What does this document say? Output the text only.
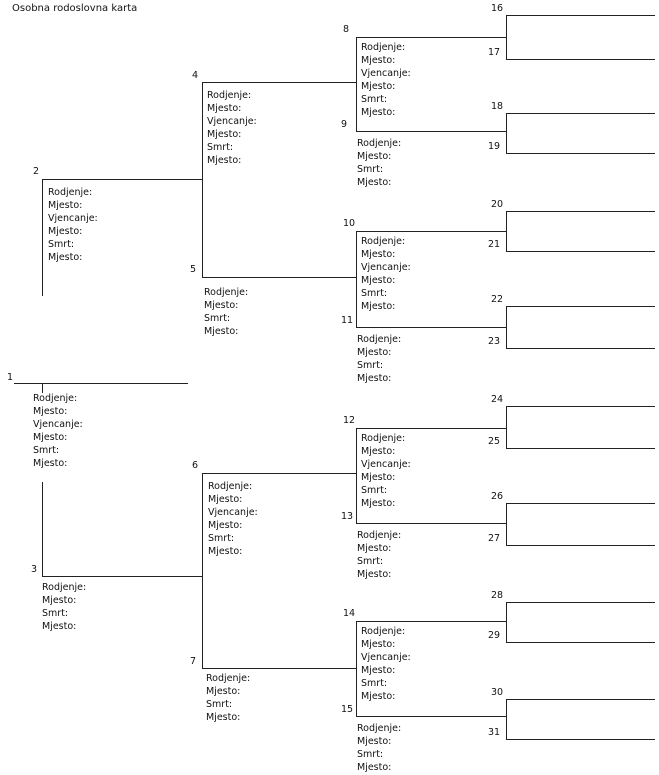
Osobna rodoslovna karta
1
Rodjenje:
Mjesto:
Vjencanje:
Mjesto:
Smrt:
Mjesto:
2
Rodjenje:
Mjesto:
Vjencanje:
Mjesto:
Smrt:
Mjesto:
3
Rodjenje:
Mjesto:
Smrt:
Mjesto:
4
Rodjenje:
Mjesto:
Vjencanje:
Mjesto:
Smrt:
Mjesto:
5
Rodjenje:
Mjesto:
Smrt:
Mjesto:
6
Rodjenje:
Mjesto:
Vjencanje:
Mjesto:
Smrt:
Mjesto:
7
Rodjenje:
Mjesto:
Smrt:
Mjesto:
8
Rodjenje:
Mjesto:
Vjencanje:
Mjesto:
Smrt:
Mjesto:
9
Rodjenje:
Mjesto:
Smrt:
Mjesto:
10
Rodjenje:
Mjesto:
Vjencanje:
Mjesto:
Smrt:
Mjesto:
11
Rodjenje:
Mjesto:
Smrt:
Mjesto:
12
Rodjenje:
Mjesto:
Vjencanje:
Mjesto:
Smrt:
Mjesto:
13
Rodjenje:
Mjesto:
Smrt:
Mjesto:
14
Rodjenje:
Mjesto:
Vjencanje:
Mjesto:
Smrt:
Mjesto:
15
Rodjenje:
Mjesto:
Smrt:
Mjesto:
16
17
18
19
20
21
22
23
24
25
26
27
28
29
30
31
